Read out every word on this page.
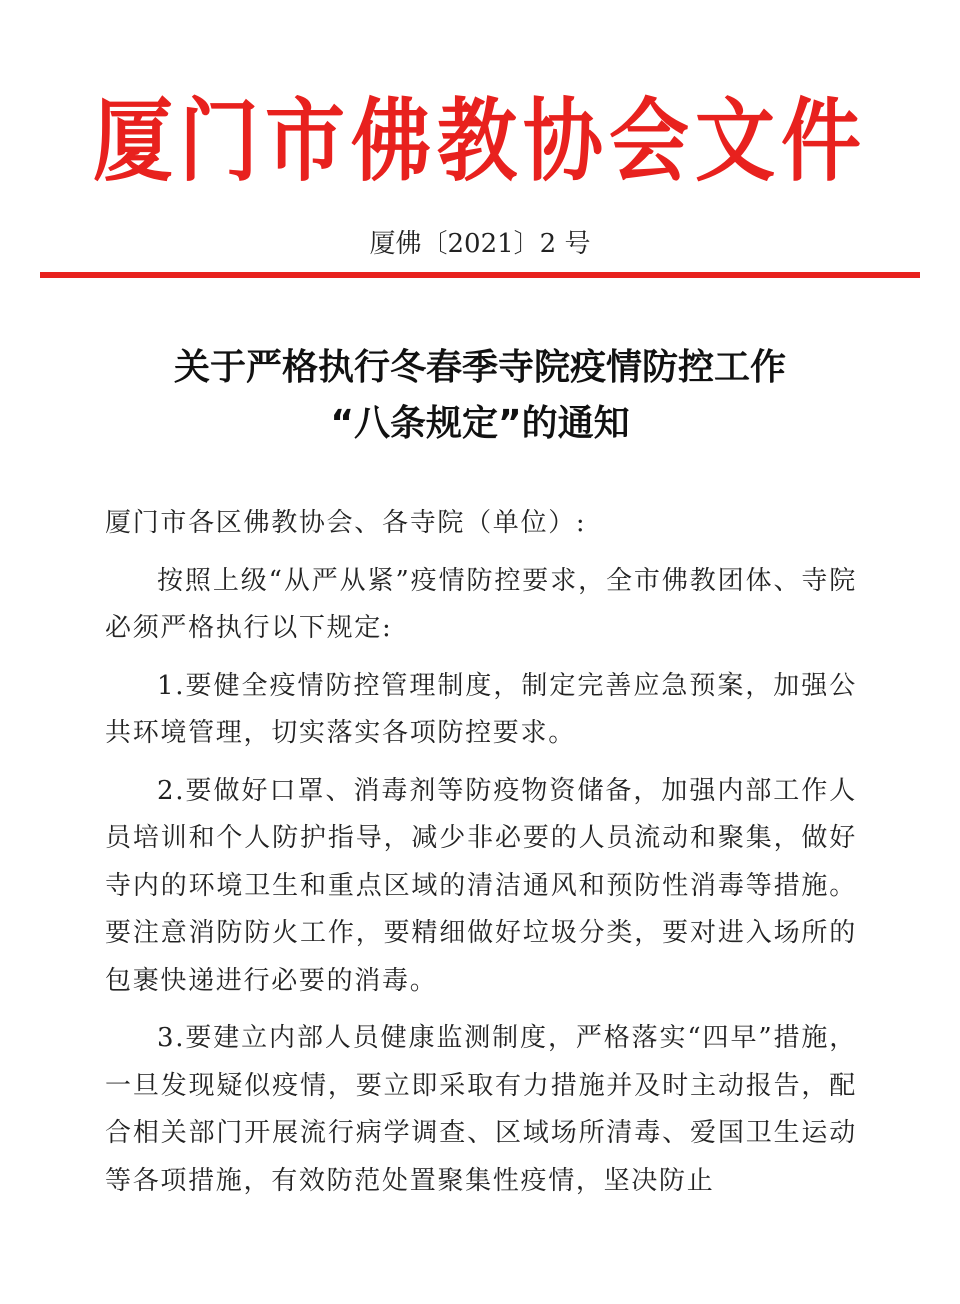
厦门市佛教协会文件
厦佛〔2021〕2 号
关于严格执行冬春季寺院疫情防控工作
“八条规定”的通知

厦门市各区佛教协会、各寺院（单位）:

按照上级“从严从紧”疫情防控要求，全市佛教团体、寺院必须严格执行以下规定:

1.要健全疫情防控管理制度，制定完善应急预案，加强公共环境管理，切实落实各项防控要求。

2.要做好口罩、消毒剂等防疫物资储备，加强内部工作人员培训和个人防护指导，减少非必要的人员流动和聚集，做好寺内的环境卫生和重点区域的清洁通风和预防性消毒等措施。要注意消防防火工作，要精细做好垃圾分类，要对进入场所的包裹快递进行必要的消毒。

3.要建立内部人员健康监测制度，严格落实“四早”措施，一旦发现疑似疫情，要立即采取有力措施并及时主动报告，配合相关部门开展流行病学调查、区域场所清毒、爱国卫生运动等各项措施，有效防范处置聚集性疫情，坚决防止
